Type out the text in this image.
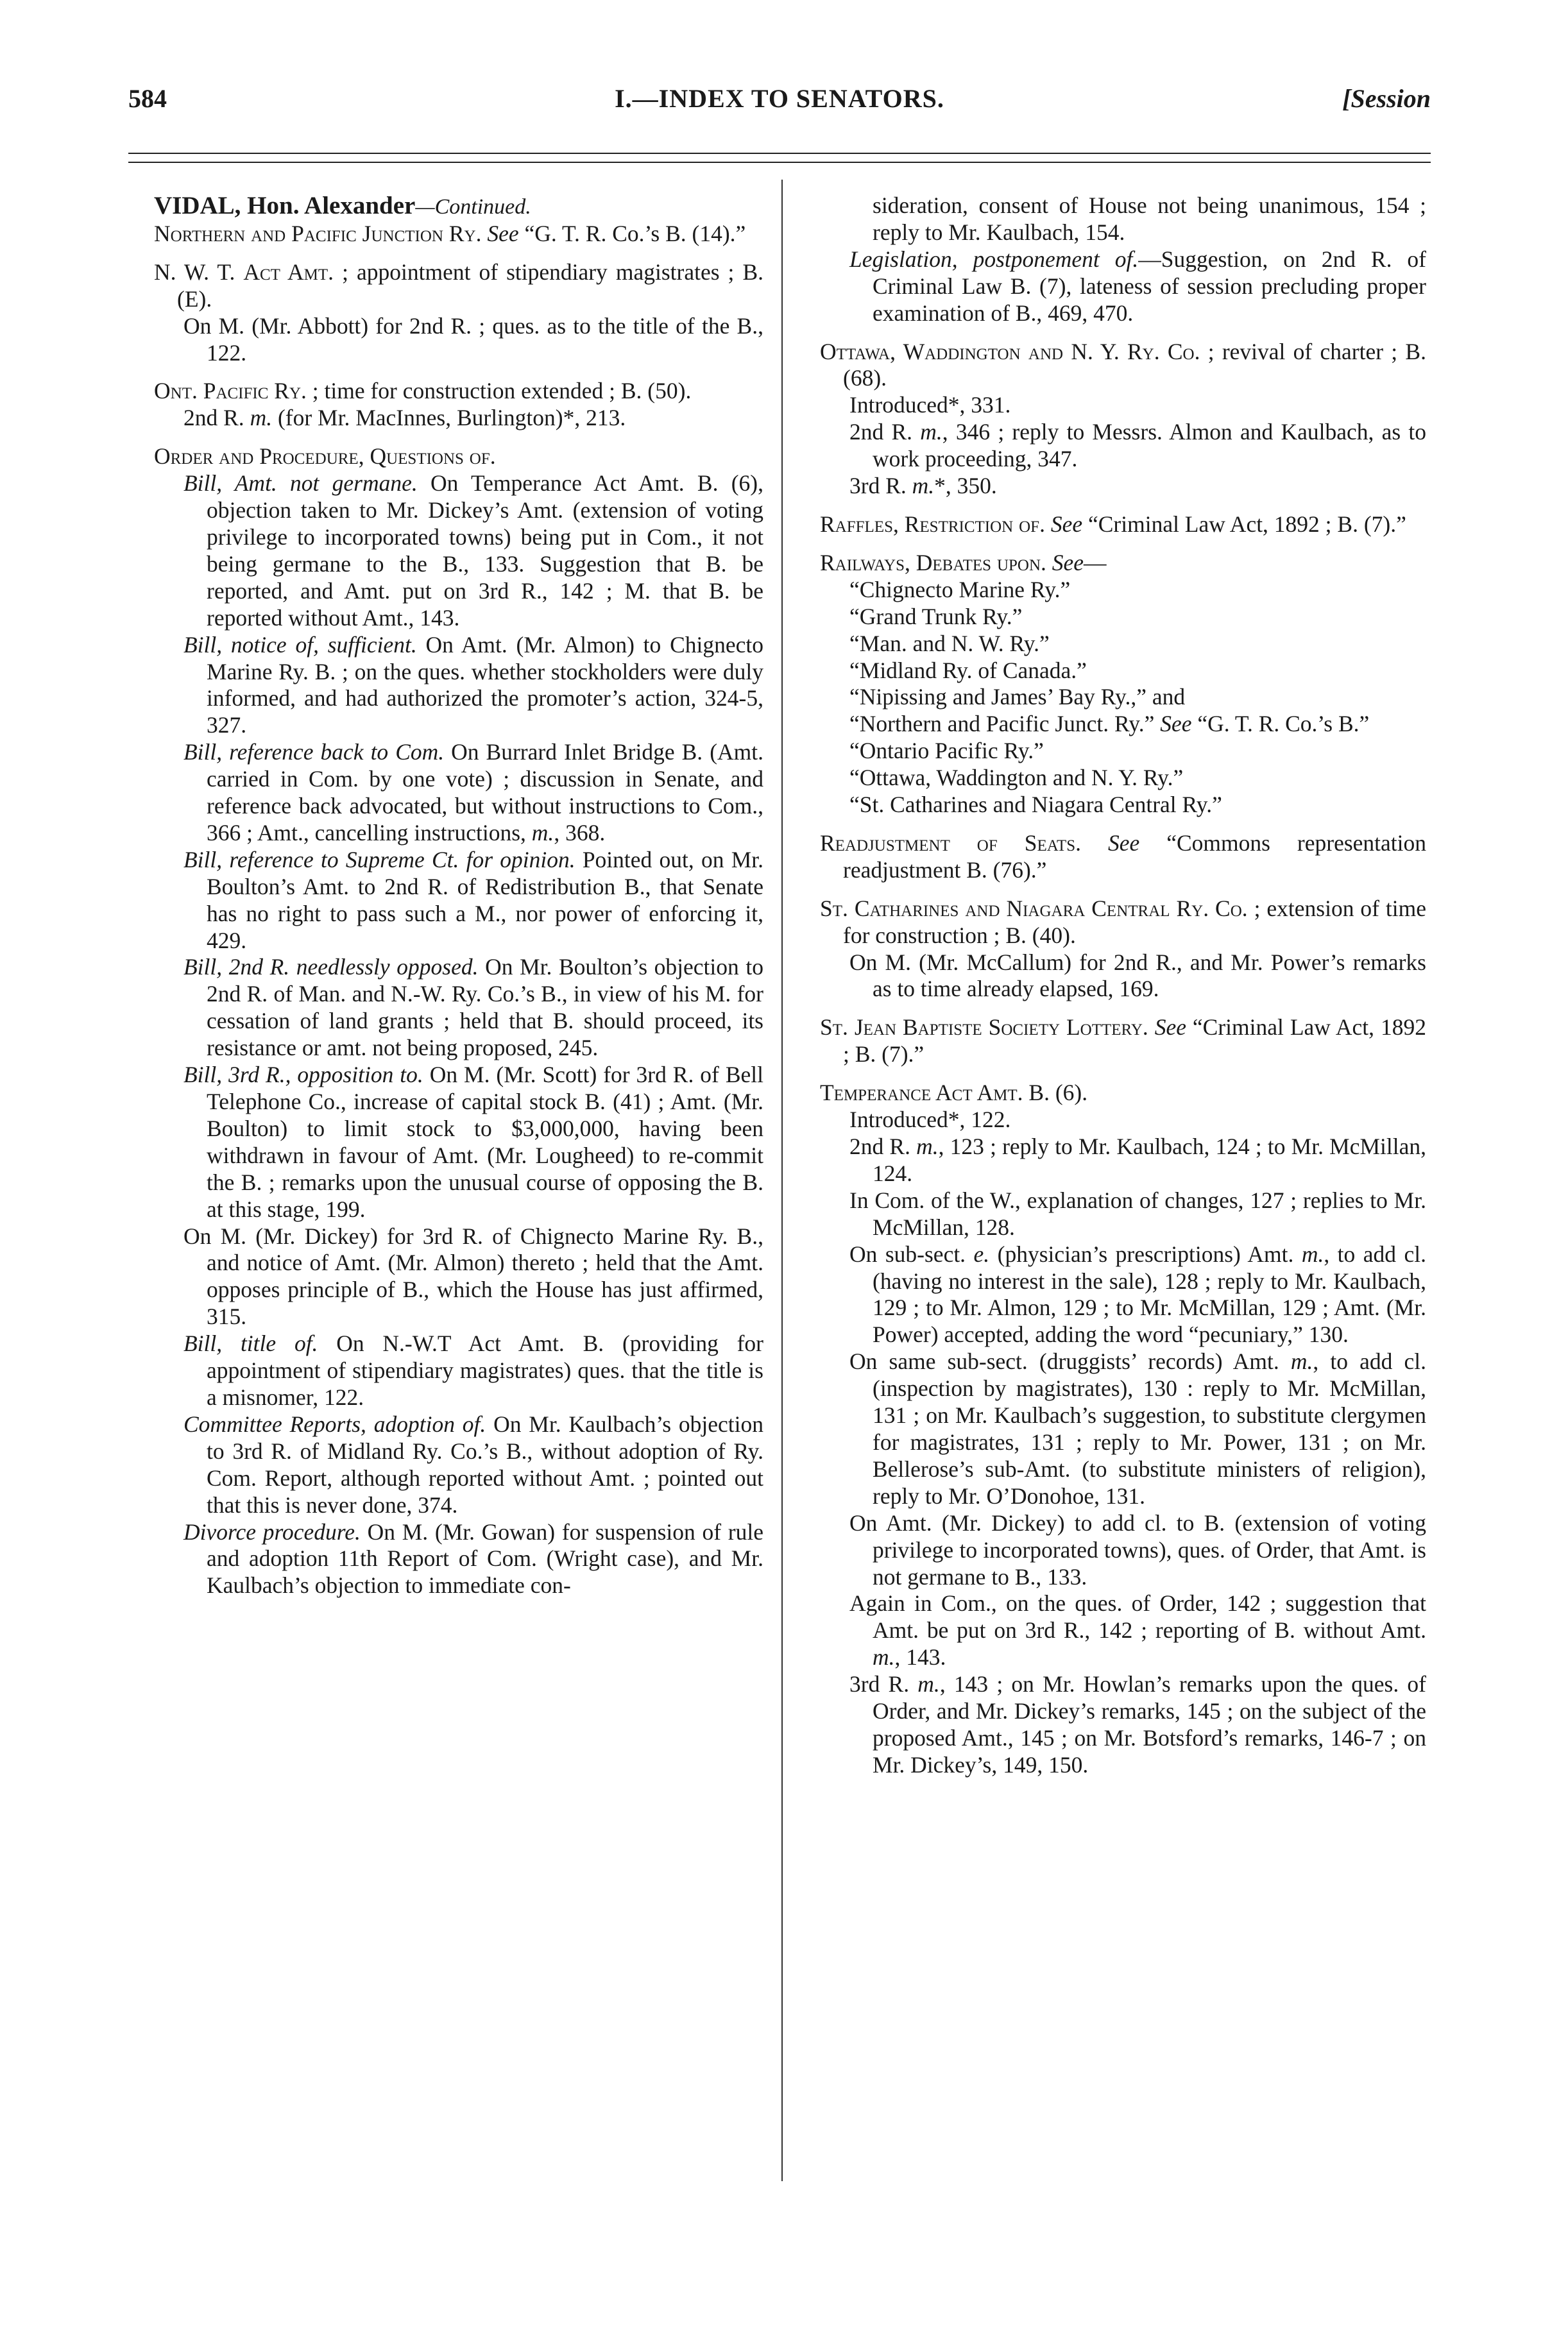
584	I.—INDEX TO SENATORS.	[Session

VIDAL, Hon. Alexander—Continued.

Northern and Pacific Junction Ry. See “G. T. R. Co.’s B. (14).”

N. W. T. Act Amt. ; appointment of stipendiary magistrates ; B. (E).

On M. (Mr. Abbott) for 2nd R. ; ques. as to the title of the B., 122.

Ont. Pacific Ry. ; time for construction extended ; B. (50).

2nd R. m. (for Mr. MacInnes, Burlington)*, 213.

Order and Procedure, Questions of.

Bill, Amt. not germane. On Temperance Act Amt. B. (6), objection taken to Mr. Dickey’s Amt. (extension of voting privilege to incorporated towns) being put in Com., it not being germane to the B., 133. Suggestion that B. be reported, and Amt. put on 3rd R., 142 ; M. that B. be reported without Amt., 143.

Bill, notice of, sufficient. On Amt. (Mr. Almon) to Chignecto Marine Ry. B. ; on the ques. whether stockholders were duly informed, and had authorized the promoter’s action, 324-5, 327.

Bill, reference back to Com. On Burrard Inlet Bridge B. (Amt. carried in Com. by one vote) ; discussion in Senate, and reference back advocated, but without instructions to Com., 366 ; Amt., cancelling instructions, m., 368.

Bill, reference to Supreme Ct. for opinion. Pointed out, on Mr. Boulton’s Amt. to 2nd R. of Redistribution B., that Senate has no right to pass such a M., nor power of enforcing it, 429.

Bill, 2nd R. needlessly opposed. On Mr. Boulton’s objection to 2nd R. of Man. and N.-W. Ry. Co.’s B., in view of his M. for cessation of land grants ; held that B. should proceed, its resistance or amt. not being proposed, 245.

Bill, 3rd R., opposition to. On M. (Mr. Scott) for 3rd R. of Bell Telephone Co., increase of capital stock B. (41) ; Amt. (Mr. Boulton) to limit stock to $3,000,000, having been withdrawn in favour of Amt. (Mr. Lougheed) to re-commit the B. ; remarks upon the unusual course of opposing the B. at this stage, 199.

On M. (Mr. Dickey) for 3rd R. of Chignecto Marine Ry. B., and notice of Amt. (Mr. Almon) thereto ; held that the Amt. opposes principle of B., which the House has just affirmed, 315.

Bill, title of. On N.-W.T Act Amt. B. (providing for appointment of stipendiary magistrates) ques. that the title is a misnomer, 122.

Committee Reports, adoption of. On Mr. Kaulbach’s objection to 3rd R. of Midland Ry. Co.’s B., without adoption of Ry. Com. Report, although reported without Amt. ; pointed out that this is never done, 374.

Divorce procedure. On M. (Mr. Gowan) for suspension of rule and adoption 11th Report of Com. (Wright case), and Mr. Kaulbach’s objection to immediate con-

sideration, consent of House not being unanimous, 154 ; reply to Mr. Kaulbach, 154.

Legislation, postponement of.—Suggestion, on 2nd R. of Criminal Law B. (7), lateness of session precluding proper examination of B., 469, 470.

Ottawa, Waddington and N. Y. Ry. Co. ; revival of charter ; B. (68).

Introduced*, 331.

2nd R. m., 346 ; reply to Messrs. Almon and Kaulbach, as to work proceeding, 347.

3rd R. m.*, 350.

Raffles, Restriction of. See “Criminal Law Act, 1892 ; B. (7).”

Railways, Debates upon. See—

“Chignecto Marine Ry.”

“Grand Trunk Ry.”

“Man. and N. W. Ry.”

“Midland Ry. of Canada.”

“Nipissing and James’ Bay Ry.,” and

“Northern and Pacific Junct. Ry.” See “G. T. R. Co.’s B.”

“Ontario Pacific Ry.”

“Ottawa, Waddington and N. Y. Ry.”

“St. Catharines and Niagara Central Ry.”

Readjustment of Seats. See “Commons representation readjustment B. (76).”

St. Catharines and Niagara Central Ry. Co. ; extension of time for construction ; B. (40).

On M. (Mr. McCallum) for 2nd R., and Mr. Power’s remarks as to time already elapsed, 169.

St. Jean Baptiste Society Lottery. See “Criminal Law Act, 1892 ; B. (7).”

Temperance Act Amt. B. (6).

Introduced*, 122.

2nd R. m., 123 ; reply to Mr. Kaulbach, 124 ; to Mr. McMillan, 124.

In Com. of the W., explanation of changes, 127 ; replies to Mr. McMillan, 128.

On sub-sect. e. (physician’s prescriptions) Amt. m., to add cl. (having no interest in the sale), 128 ; reply to Mr. Kaulbach, 129 ; to Mr. Almon, 129 ; to Mr. McMillan, 129 ; Amt. (Mr. Power) accepted, adding the word “pecuniary,” 130.

On same sub-sect. (druggists’ records) Amt. m., to add cl. (inspection by magistrates), 130 : reply to Mr. McMillan, 131 ; on Mr. Kaulbach’s suggestion, to substitute clergymen for magistrates, 131 ; reply to Mr. Power, 131 ; on Mr. Bellerose’s sub-Amt. (to substitute ministers of religion), reply to Mr. O’Donohoe, 131.

On Amt. (Mr. Dickey) to add cl. to B. (extension of voting privilege to incorporated towns), ques. of Order, that Amt. is not germane to B., 133.

Again in Com., on the ques. of Order, 142 ; suggestion that Amt. be put on 3rd R., 142 ; reporting of B. without Amt. m., 143.

3rd R. m., 143 ; on Mr. Howlan’s remarks upon the ques. of Order, and Mr. Dickey’s remarks, 145 ; on the subject of the proposed Amt., 145 ; on Mr. Botsford’s remarks, 146-7 ; on Mr. Dickey’s, 149, 150.
